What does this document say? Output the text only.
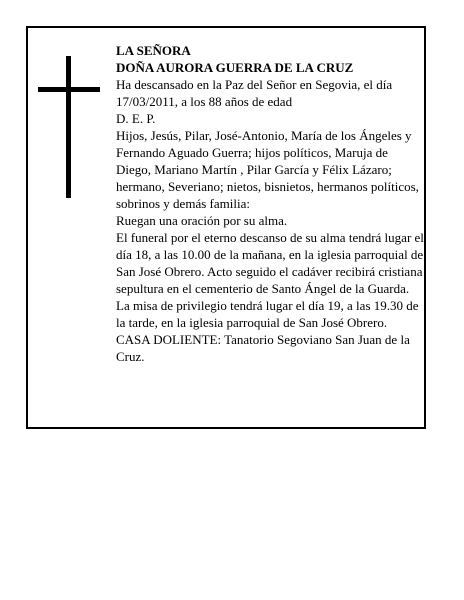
LA SEÑORA

DOÑA AURORA GUERRA DE LA CRUZ

Ha descansado en la Paz del Señor en Segovia, el día 17/03/2011, a los 88 años de edad

D. E. P.

Hijos, Jesús, Pilar, José-Antonio, María de los Ángeles y Fernando Aguado Guerra; hijos políticos, Maruja de Diego, Mariano Martín , Pilar García y Félix Lázaro; hermano, Severiano; nietos, bisnietos, hermanos políticos, sobrinos y demás familia:

Ruegan una oración por su alma.

El funeral por el eterno descanso de su alma tendrá lugar el día 18, a las 10.00 de la mañana, en la iglesia parroquial de San José Obrero. Acto seguido el cadáver recibirá cristiana sepultura en el cementerio de Santo Ángel de la Guarda.

La misa de privilegio tendrá lugar el día 19, a las 19.30 de la tarde, en la iglesia parroquial de San José Obrero.

CASA DOLIENTE: Tanatorio Segoviano San Juan de la Cruz.
